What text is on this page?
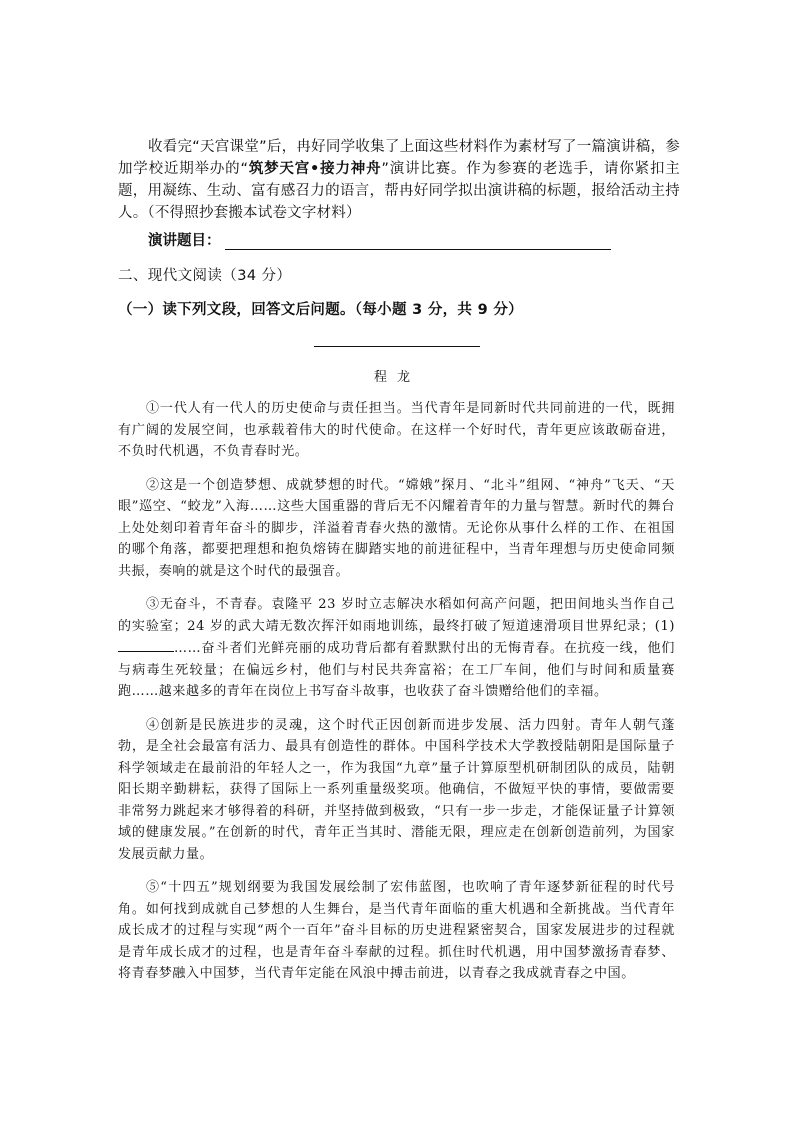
收看完“天宫课堂”后，冉好同学收集了上面这些材料作为素材写了一篇演讲稿，参加学校近期举办的“筑梦天宫•接力神舟”演讲比赛。作为参赛的老选手，请你紧扣主题，用凝练、生动、富有感召力的语言，帮冉好同学拟出演讲稿的标题，报给活动主持人。（不得照抄套搬本试卷文字材料）
演讲题目：
二、现代文阅读（34 分）
（一）读下列文段，回答文后问题。（每小题 3 分，共 9 分）
程龙

①一代人有一代人的历史使命与责任担当。当代青年是同新时代共同前进的一代，既拥有广阔的发展空间，也承载着伟大的时代使命。在这样一个好时代，青年更应该敢砺奋进，不负时代机遇，不负青春时光。

②这是一个创造梦想、成就梦想的时代。“嫦娥”探月、“北斗”组网、“神舟”飞天、“天眼”巡空、“蛟龙”入海……这些大国重器的背后无不闪耀着青年的力量与智慧。新时代的舞台上处处刻印着青年奋斗的脚步，洋溢着青春火热的激情。无论你从事什么样的工作、在祖国的哪个角落，都要把理想和抱负熔铸在脚踏实地的前进征程中，当青年理想与历史使命同频共振，奏响的就是这个时代的最强音。

③无奋斗，不青春。袁隆平 23 岁时立志解决水稻如何高产问题，把田间地头当作自己的实验室；24 岁的武大靖无数次挥汗如雨地训练，最终打破了短道速滑项目世界纪录；(1)……奋斗者们光鲜亮丽的成功背后都有着默默付出的无悔青春。在抗疫一线，他们与病毒生死较量；在偏远乡村，他们与村民共奔富裕；在工厂车间，他们与时间和质量赛跑……越来越多的青年在岗位上书写奋斗故事，也收获了奋斗馈赠给他们的幸福。

④创新是民族进步的灵魂，这个时代正因创新而进步发展、活力四射。青年人朝气蓬勃，是全社会最富有活力、最具有创造性的群体。中国科学技术大学教授陆朝阳是国际量子科学领域走在最前沿的年轻人之一，作为我国“九章”量子计算原型机研制团队的成员，陆朝阳长期辛勤耕耘，获得了国际上一系列重量级奖项。他确信，不做短平快的事情，要做需要非常努力跳起来才够得着的科研，并坚持做到极致，“只有一步一步走，才能保证量子计算领域的健康发展。”在创新的时代，青年正当其时、潜能无限，理应走在创新创造前列，为国家发展贡献力量。

⑤“十四五”规划纲要为我国发展绘制了宏伟蓝图，也吹响了青年逐梦新征程的时代号角。如何找到成就自己梦想的人生舞台，是当代青年面临的重大机遇和全新挑战。当代青年成长成才的过程与实现“两个一百年”奋斗目标的历史进程紧密契合，国家发展进步的过程就是青年成长成才的过程，也是青年奋斗奉献的过程。抓住时代机遇，用中国梦激扬青春梦、将青春梦融入中国梦，当代青年定能在风浪中搏击前进，以青春之我成就青春之中国。
